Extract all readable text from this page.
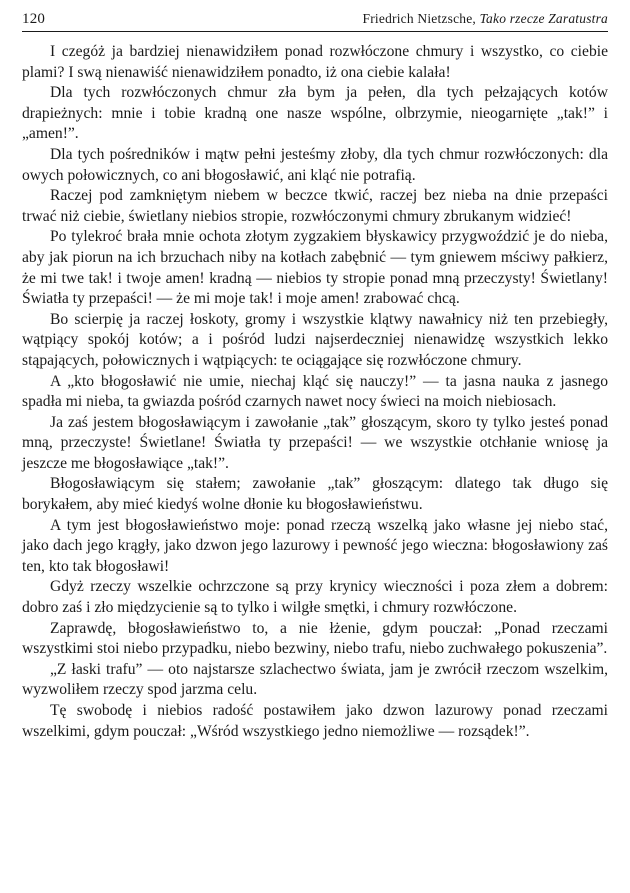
120	Friedrich Nietzsche, Tako rzecze Zaratustra

I czegóż ja bardziej nienawidziłem ponad rozwłóczone chmury i wszystko, co ciebie plami? I swą nienawiść nienawidziłem ponadto, iż ona ciebie kalała!

Dla tych rozwłóczonych chmur zła bym ja pełen, dla tych pełzających kotów drapieżnych: mnie i tobie kradną one nasze wspólne, olbrzymie, nieogarnięte „tak!” i „amen!”.

Dla tych pośredników i mątw pełni jesteśmy złoby, dla tych chmur rozwłóczonych: dla owych połowicznych, co ani błogosławić, ani kląć nie potrafią.

Raczej pod zamkniętym niebem w beczce tkwić, raczej bez nieba na dnie przepaści trwać niż ciebie, świetlany niebios stropie, rozwłóczonymi chmury zbrukanym widzieć!

Po tylekroć brała mnie ochota złotym zygzakiem błyskawicy przygwoździć je do nieba, aby jak piorun na ich brzuchach niby na kotłach zabębnić — tym gniewem mściwy pałkierz, że mi twe tak! i twoje amen! kradną — niebios ty stropie ponad mną przeczysty! Świetlany! Światła ty przepaści! — że mi moje tak! i moje amen! zrabować chcą.

Bo scierpię ja raczej łoskoty, gromy i wszystkie klątwy nawałnicy niż ten przebiegły, wątpiący spokój kotów; a i pośród ludzi najserdeczniej nienawidzę wszystkich lekko stąpających, połowicznych i wątpiących: te ociągające się rozwłóczone chmury.

A „kto błogosławić nie umie, niechaj kląć się nauczy!” — ta jasna nauka z jasnego spadła mi nieba, ta gwiazda pośród czarnych nawet nocy świeci na moich niebiosach.

Ja zaś jestem błogosławiącym i zawołanie „tak” głoszącym, skoro ty tylko jesteś ponad mną, przeczyste! Świetlane! Światła ty przepaści! — we wszystkie otchłanie wniosę ja jeszcze me błogosławiące „tak!”.

Błogosławiącym się stałem; zawołanie „tak” głoszącym: dlatego tak długo się borykałem, aby mieć kiedyś wolne dłonie ku błogosławieństwu.

A tym jest błogosławieństwo moje: ponad rzeczą wszelką jako własne jej niebo stać, jako dach jego krągły, jako dzwon jego lazurowy i pewność jego wieczna: błogosławiony zaś ten, kto tak błogosławi!

Gdyż rzeczy wszelkie ochrzczone są przy krynicy wieczności i poza złem a dobrem: dobro zaś i zło międzycienie są to tylko i wilgłe smętki, i chmury rozwłóczone.

Zaprawdę, błogosławieństwo to, a nie łżenie, gdym pouczał: „Ponad rzeczami wszystkimi stoi niebo przypadku, niebo bezwiny, niebo trafu, niebo zuchwałego pokuszenia”.

„Z łaski trafu” — oto najstarsze szlachectwo świata, jam je zwrócił rzeczom wszelkim, wyzwoliłem rzeczy spod jarzma celu.

Tę swobodę i niebios radość postawiłem jako dzwon lazurowy ponad rzeczami wszelkimi, gdym pouczał: „Wśród wszystkiego jedno niemożliwe — rozsądek!”.
